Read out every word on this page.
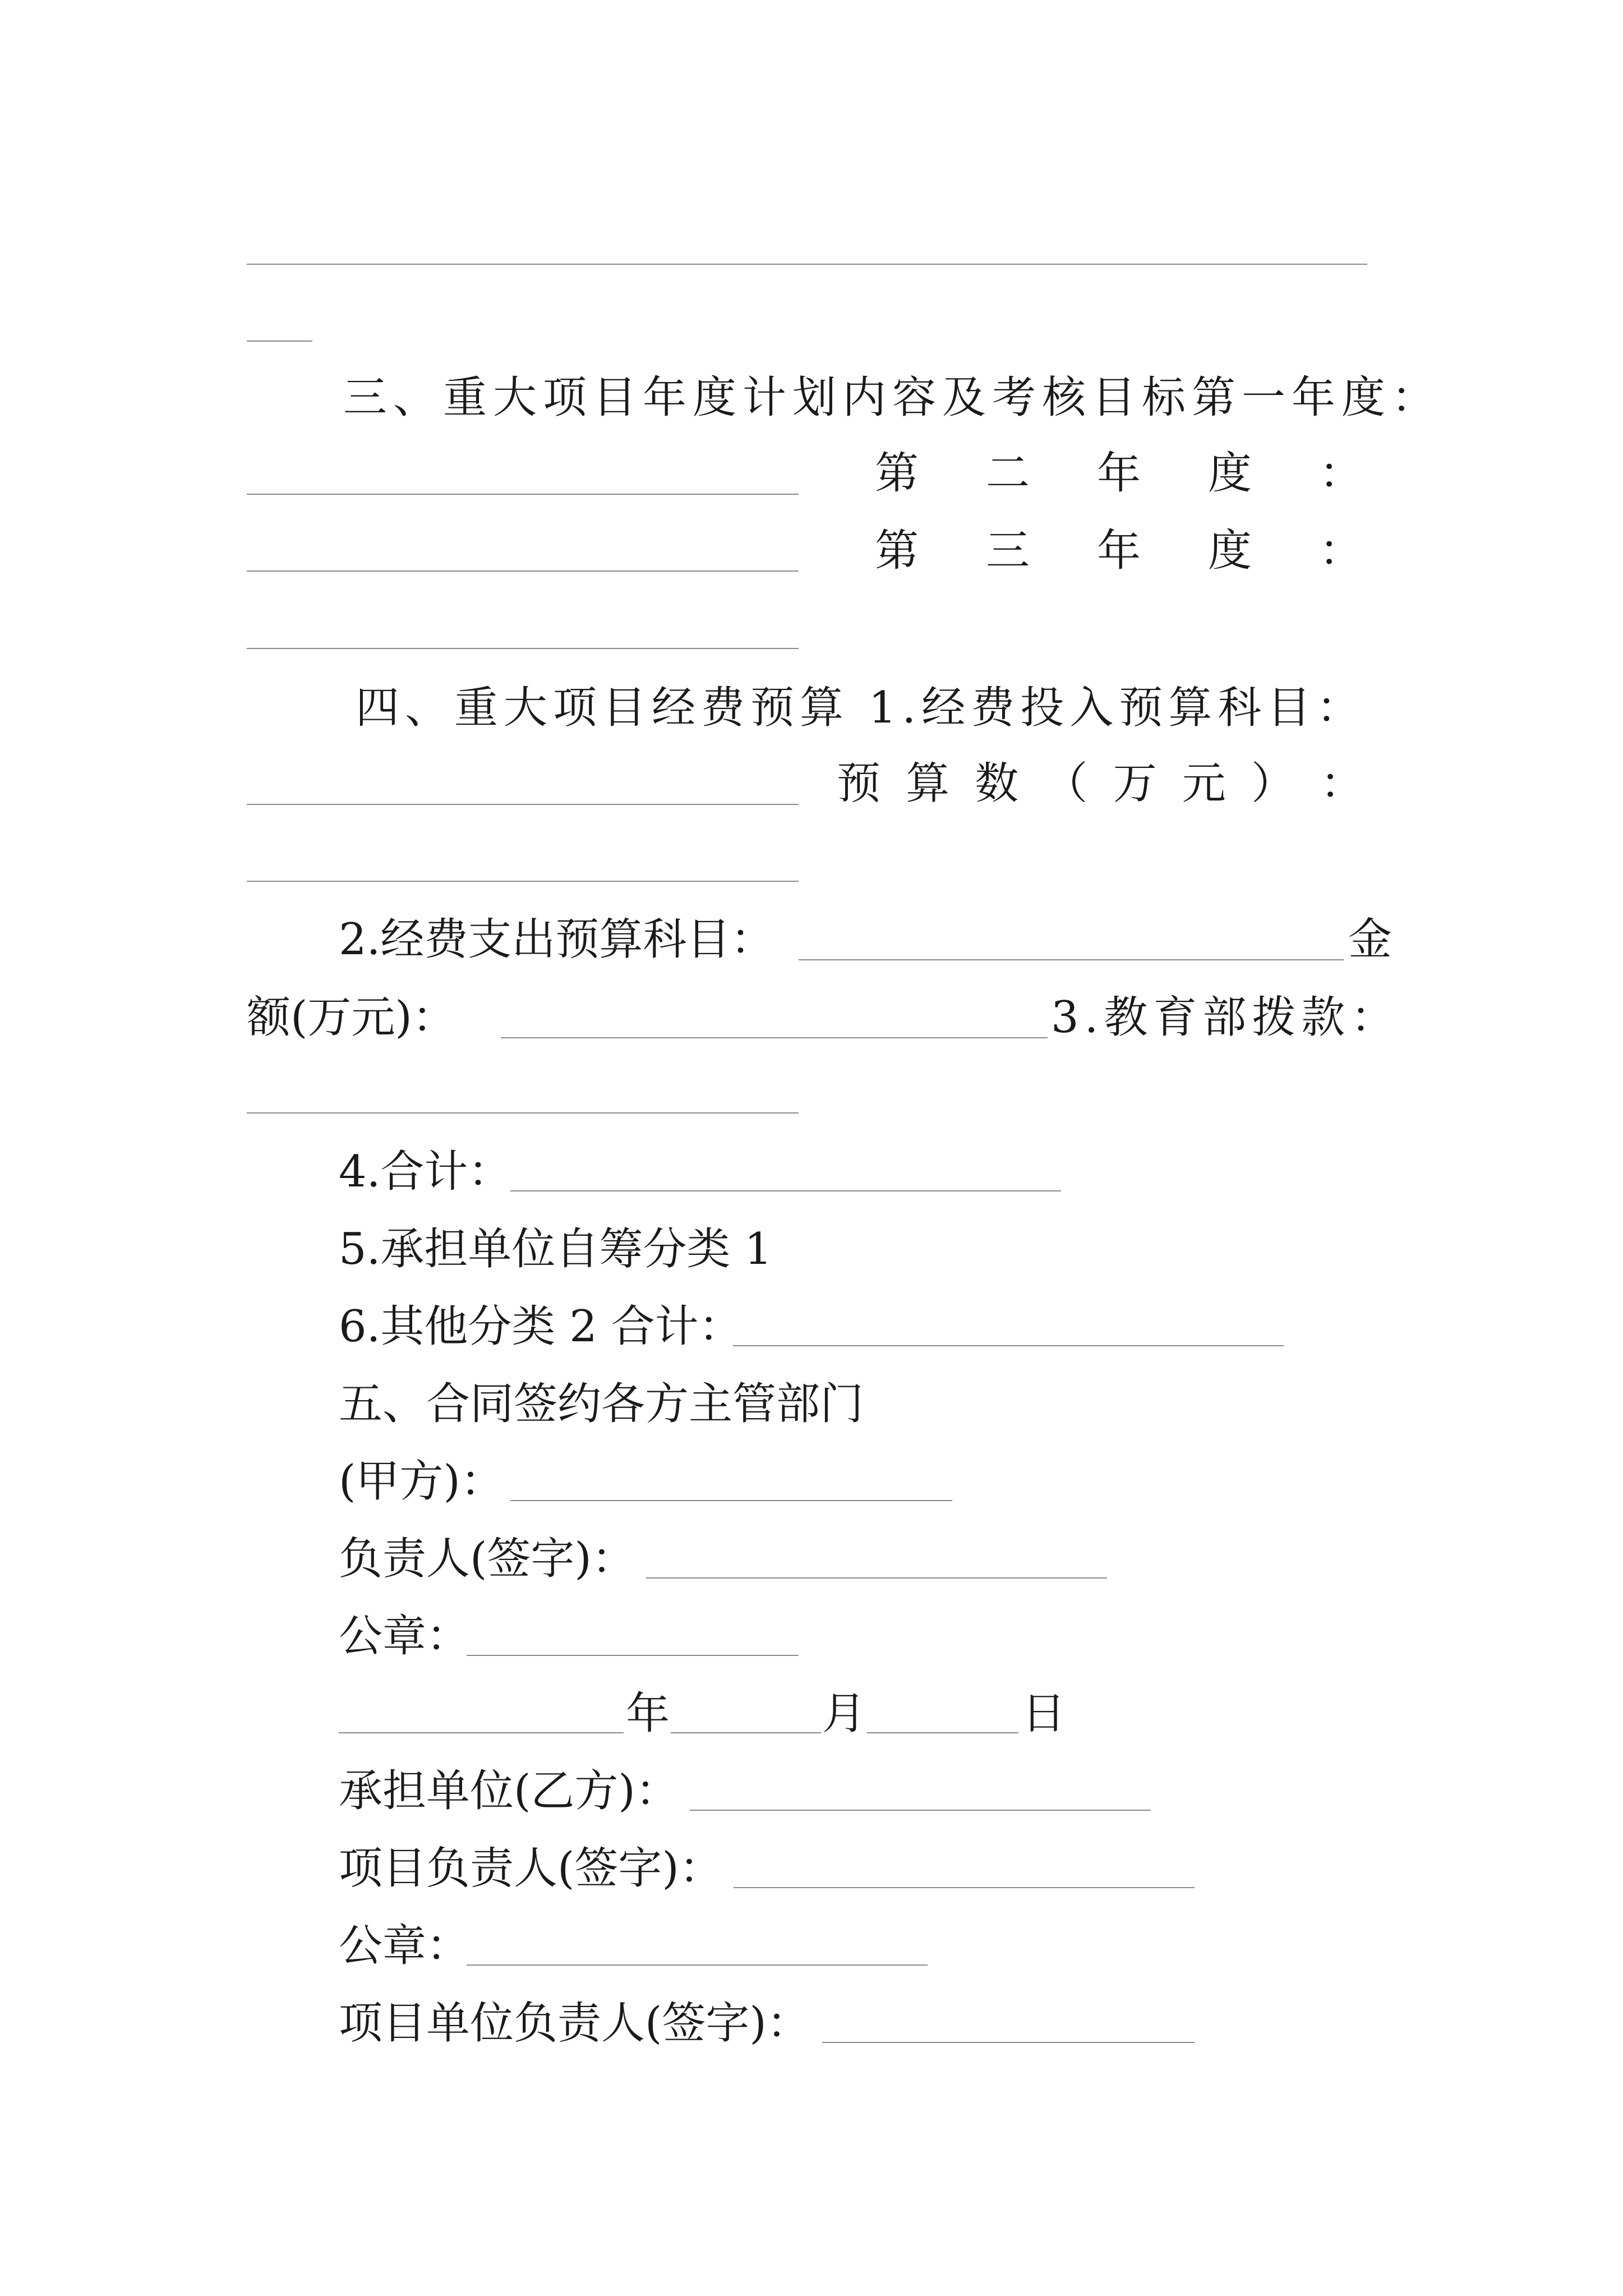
三、重大项目年度计划内容及考核目标第一年度：
第 二 年 度 ：
第 三 年 度 ：
四、重大项目经费预算 1.经费投入预算科目：
预 算 数 （ 万 元 ） ：
2.经费支出预算科目：	金
额(万元)：	3.教育部拨款：
4.合计：
5.承担单位自筹分类 1
6.其他分类 2 合计：
五、合同签约各方主管部门
(甲方)：
负责人(签字)：
公章：
年	月	日
承担单位(乙方)：
项目负责人(签字)：
公章：
项目单位负责人(签字)：
